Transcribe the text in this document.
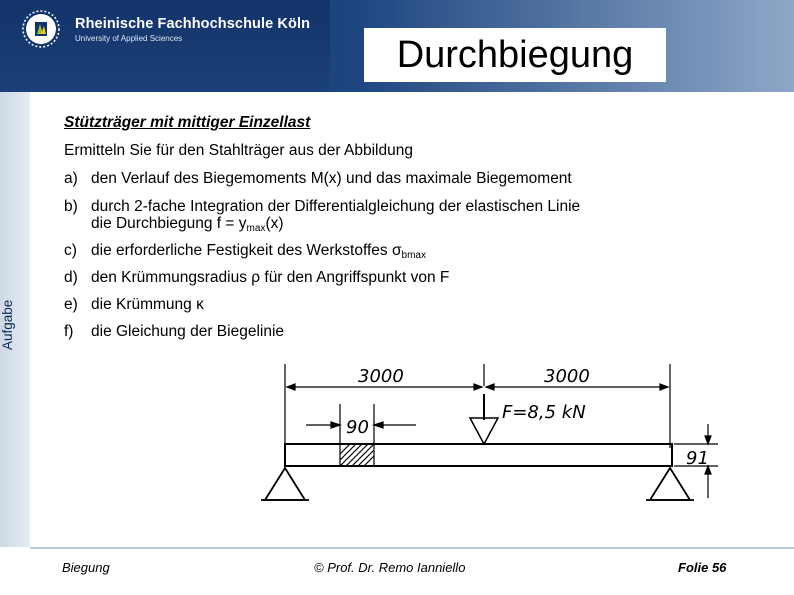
Rheinische Fachhochschule Köln
University of Applied Sciences	Durchbiegung
Aufgabe
Stützträger mit mittiger Einzellast
Ermitteln Sie für den Stahlträger aus der Abbildung
a) den Verlauf des Biegemoments M(x) und das maximale Biegemoment
b) durch 2-fache Integration der Differentialgleichung der elastischen Linie
die Durchbiegung $f = y_{max}(x)$
c) die erforderliche Festigkeit des Werkstoffes $\sigma_{bmax}$
d) den Krümmungsradius ρ für den Angriffspunkt von F
e) die Krümmung κ
f) die Gleichung der Biegelinie
3000	3000
90
F=8,5 kN
91
Biegung	© Prof. Dr. Remo Ianniello	Folie 56
